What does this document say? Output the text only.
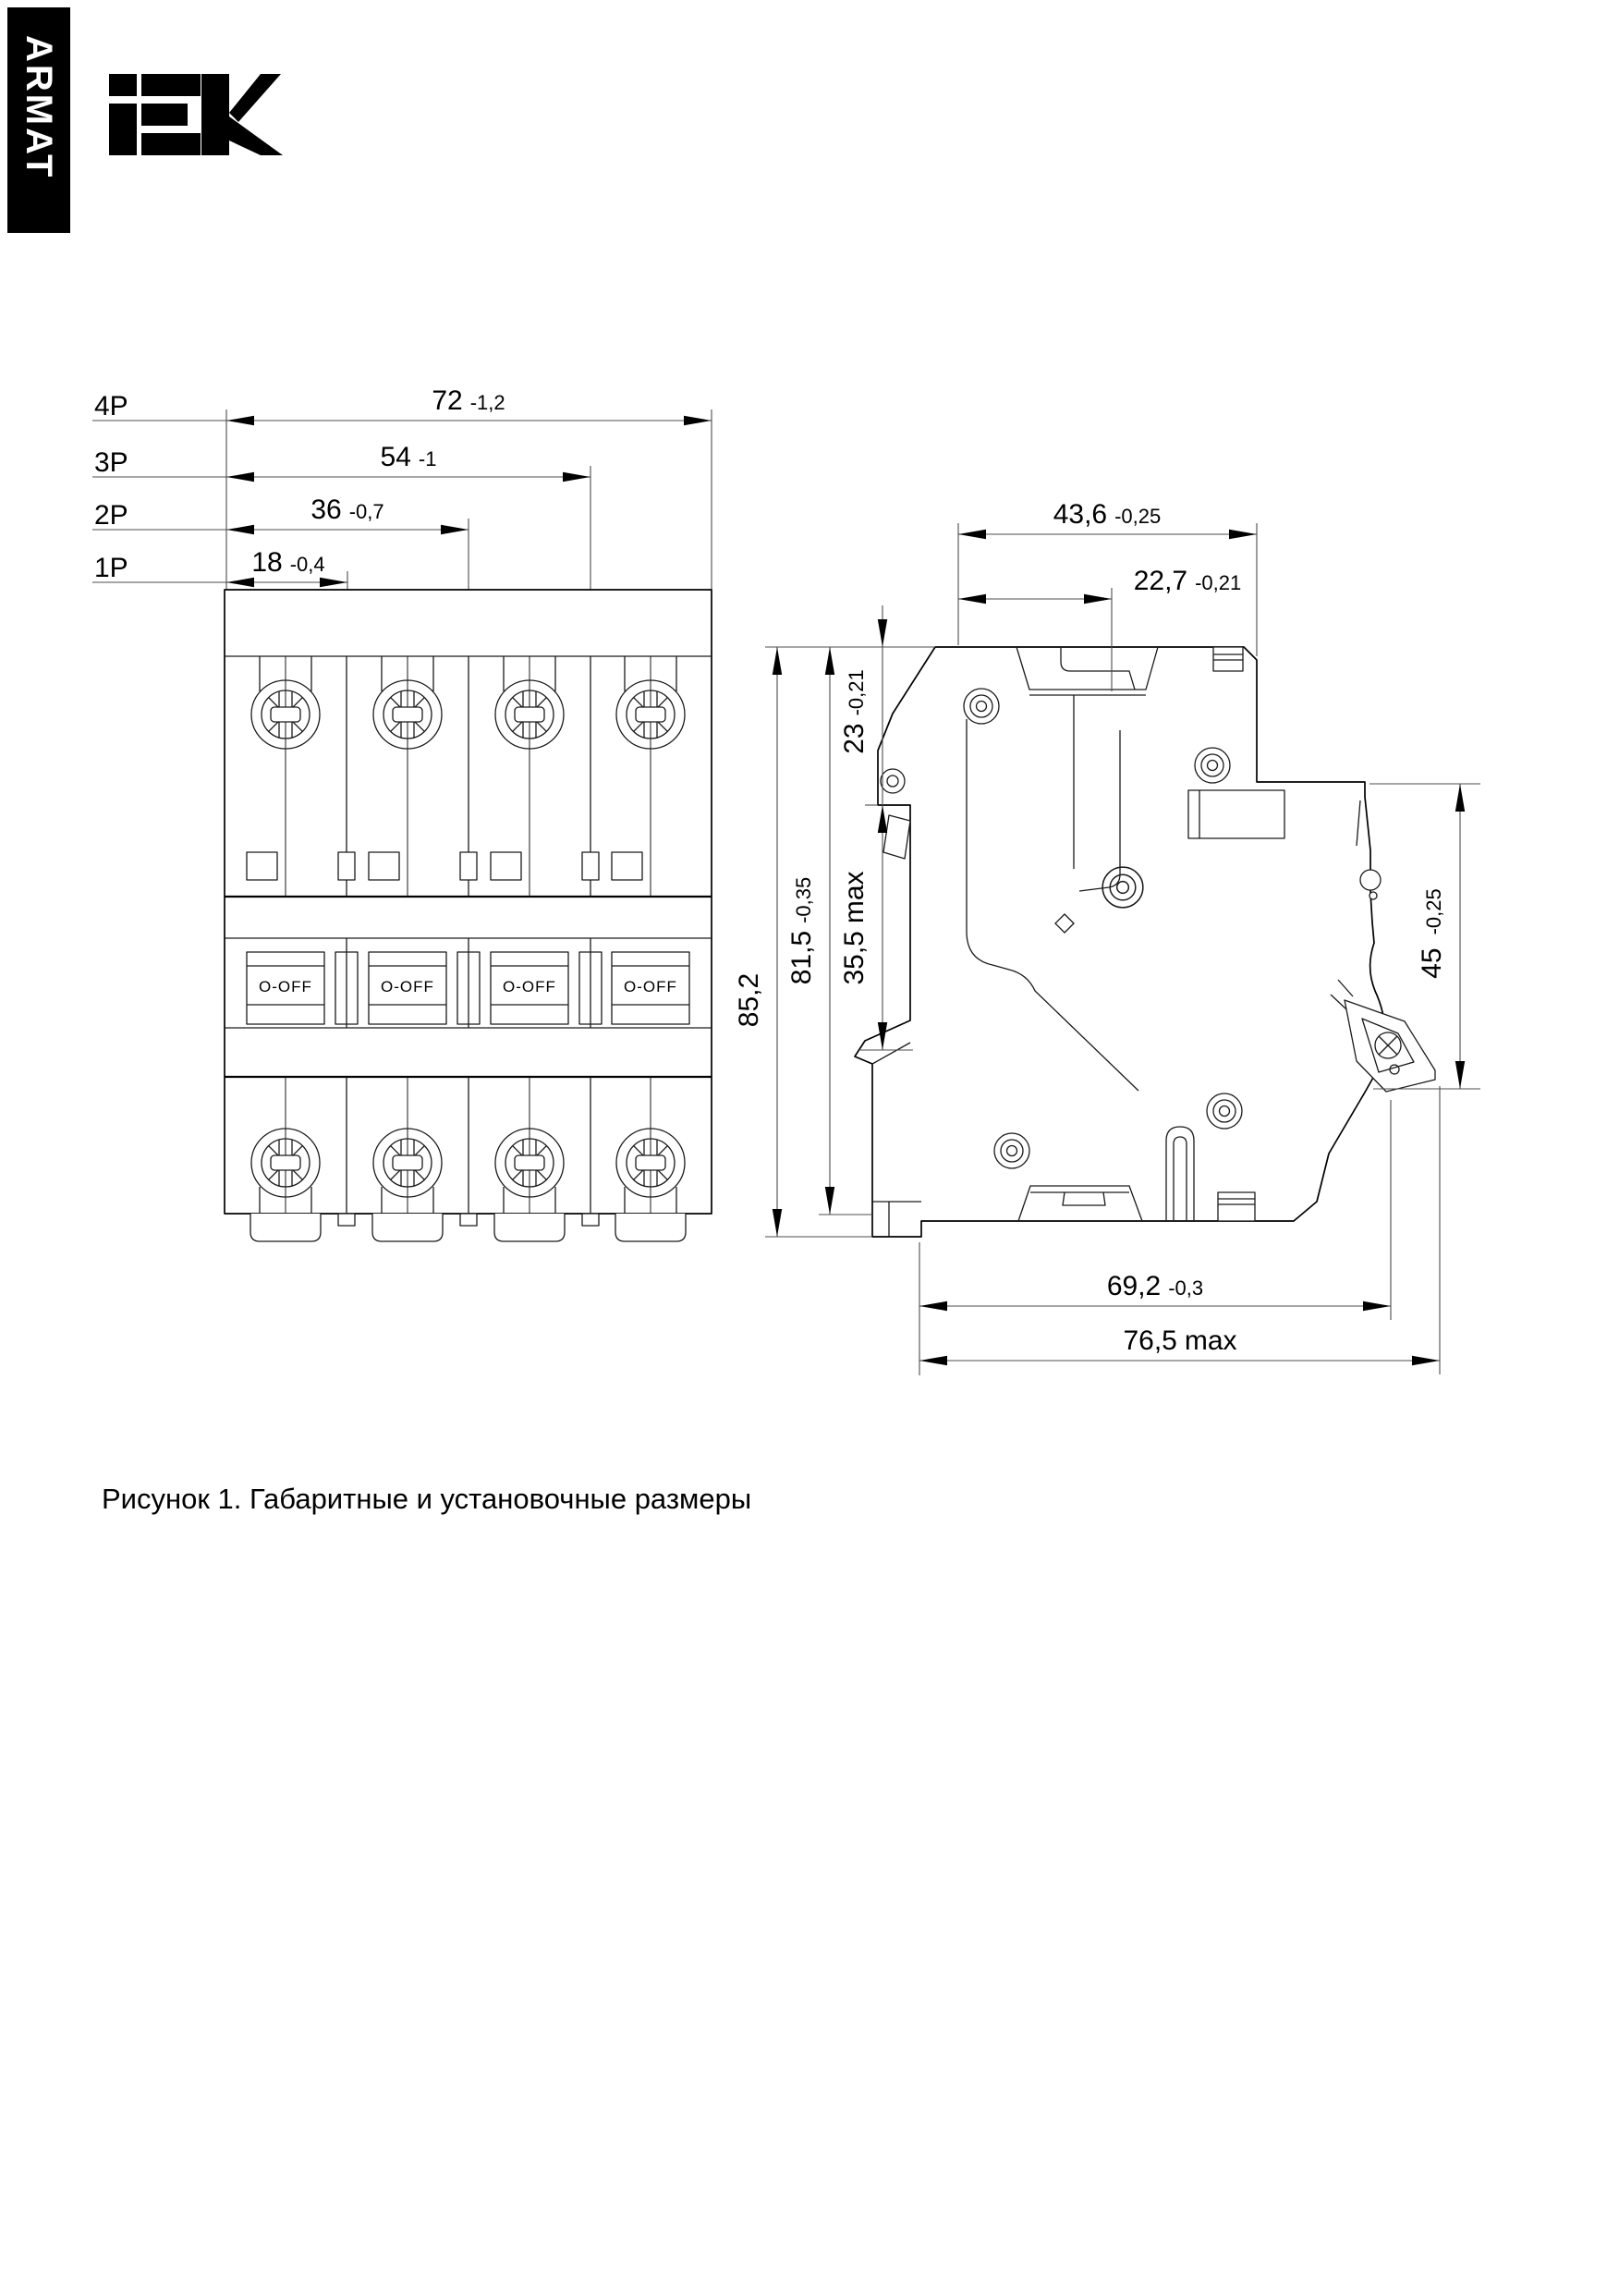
ARMAT
4P	72 -1,2
3P	54 -1
2P	36 -0,7
1P	18 -0,4
O-OFF	O-OFF	O-OFF	O-OFF
43,6 -0,25
22,7 -0,21
23-0,21
35,5max
81,5-0,35
85,2
45-0,25
69,2 -0,3
76,5 max
Рисунок 1. Габаритные и установочные размеры
